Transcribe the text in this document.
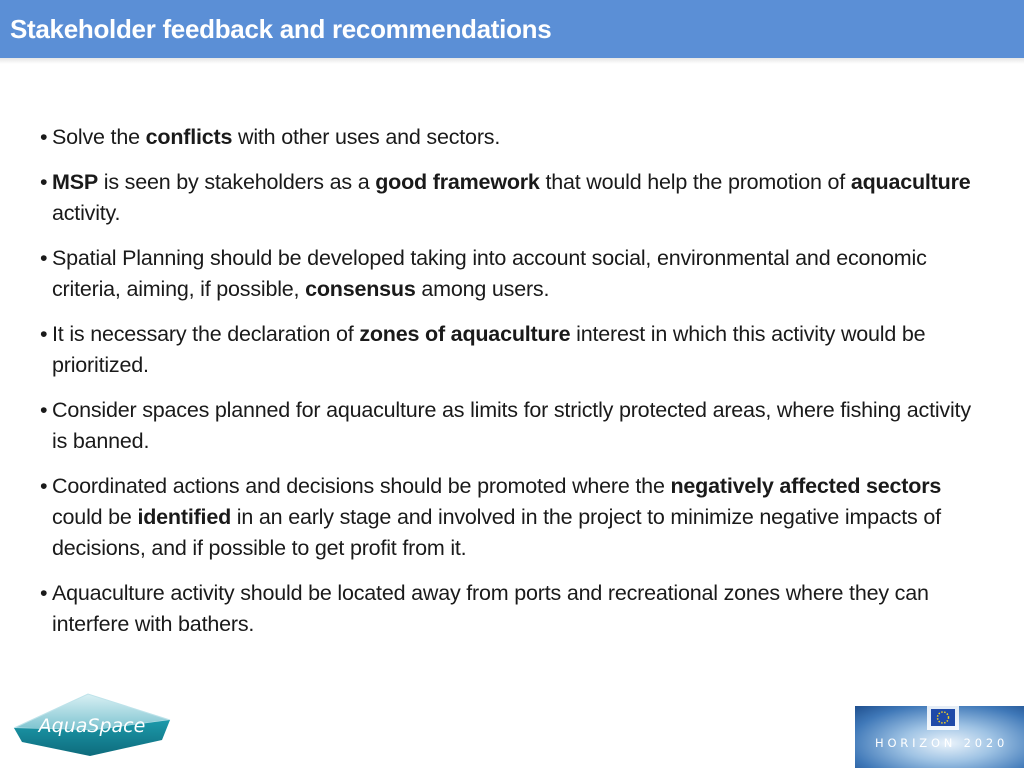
Stakeholder feedback and recommendations
• Solve the conflicts with other uses and sectors.
• MSP is seen by stakeholders as a good framework that would help the promotion of aquaculture activity.
• Spatial Planning should be developed taking into account social, environmental and economic criteria, aiming, if possible, consensus among users.
• It is necessary the declaration of zones of aquaculture interest in which this activity would be prioritized.
• Consider spaces planned for aquaculture as limits for strictly protected areas, where fishing activity is banned.
• Coordinated actions and decisions should be promoted where the negatively affected sectors could be identified in an early stage and involved in the project to minimize negative impacts of decisions, and if possible to get profit from it.
• Aquaculture activity should be located away from ports and recreational zones where they can interfere with bathers.
AquaSpace
HORIZON 2020
